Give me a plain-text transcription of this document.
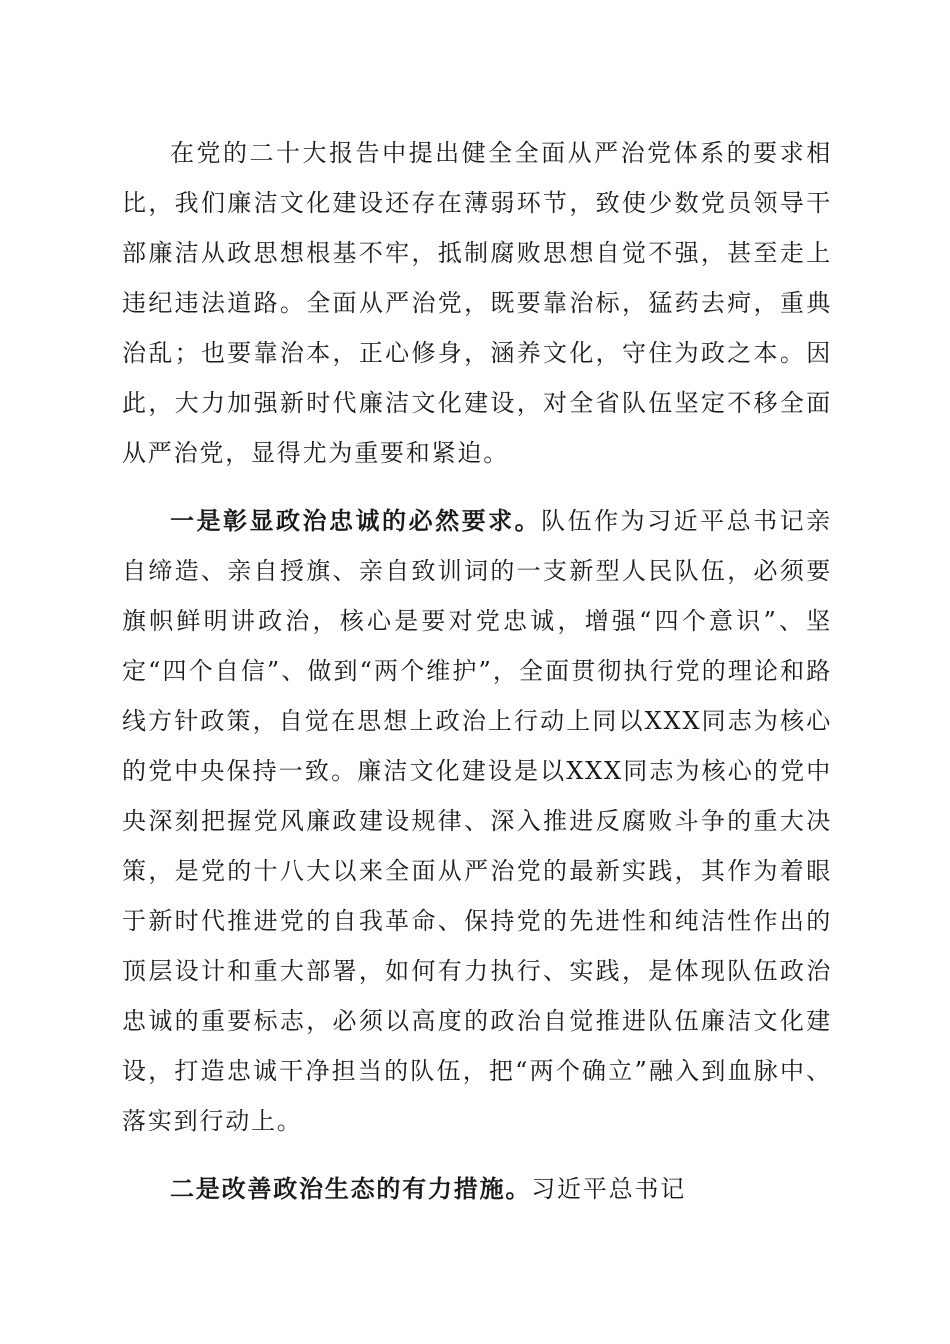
在党的二十大报告中提出健全全面从严治党体系的要求相比，我们廉洁文化建设还存在薄弱环节，致使少数党员领导干部廉洁从政思想根基不牢，抵制腐败思想自觉不强，甚至走上违纪违法道路。全面从严治党，既要靠治标，猛药去疴，重典治乱；也要靠治本，正心修身，涵养文化，守住为政之本。因此，大力加强新时代廉洁文化建设，对全省队伍坚定不移全面从严治党，显得尤为重要和紧迫。

一是彰显政治忠诚的必然要求。队伍作为习近平总书记亲自缔造、亲自授旗、亲自致训词的一支新型人民队伍，必须要旗帜鲜明讲政治，核心是要对党忠诚，增强“四个意识”、坚定“四个自信”、做到“两个维护”，全面贯彻执行党的理论和路线方针政策，自觉在思想上政治上行动上同以XXX同志为核心的党中央保持一致。廉洁文化建设是以XXX同志为核心的党中央深刻把握党风廉政建设规律、深入推进反腐败斗争的重大决策，是党的十八大以来全面从严治党的最新实践，其作为着眼于新时代推进党的自我革命、保持党的先进性和纯洁性作出的顶层设计和重大部署，如何有力执行、实践，是体现队伍政治忠诚的重要标志，必须以高度的政治自觉推进队伍廉洁文化建设，打造忠诚干净担当的队伍，把“两个确立”融入到血脉中、落实到行动上。

二是改善政治生态的有力措施。习近平总书记
